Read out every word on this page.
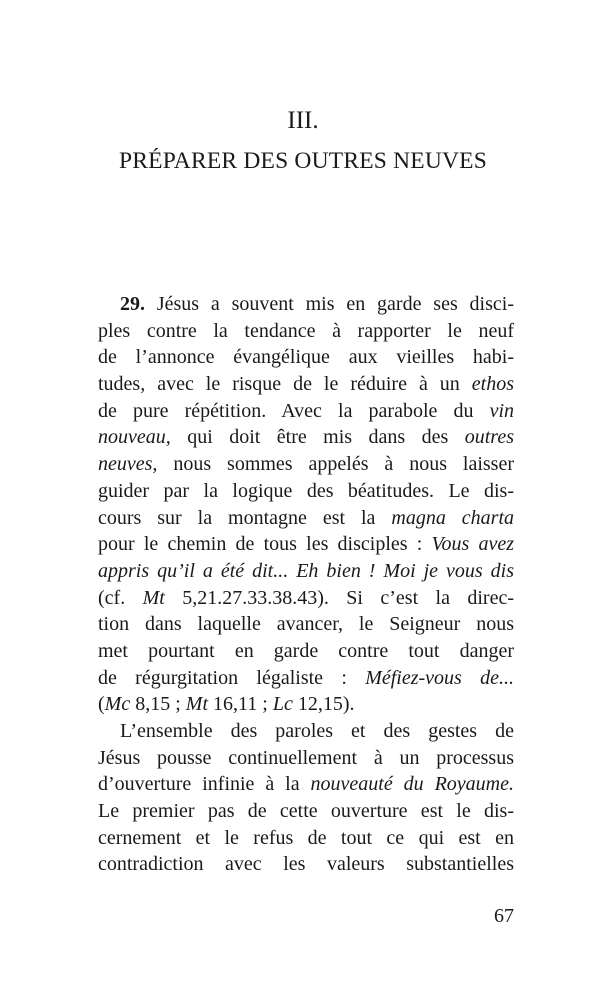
III.
PRÉPARER DES OUTRES NEUVES
29. Jésus a souvent mis en garde ses disci-
ples contre la tendance à rapporter le neuf
de l’annonce évangélique aux vieilles habi-
tudes, avec le risque de le réduire à un ethos
de pure répétition. Avec la parabole du vin
nouveau, qui doit être mis dans des outres
neuves, nous sommes appelés à nous laisser
guider par la logique des béatitudes. Le dis-
cours sur la montagne est la magna charta
pour le chemin de tous les disciples : Vous avez
appris qu’il a été dit... Eh bien ! Moi je vous dis
(cf. Mt 5,21.27.33.38.43). Si c’est la direc-
tion dans laquelle avancer, le Seigneur nous
met pourtant en garde contre tout danger
de régurgitation légaliste : Méfiez-vous de...
(Mc 8,15 ; Mt 16,11 ; Lc 12,15).
L’ensemble des paroles et des gestes de
Jésus pousse continuellement à un processus
d’ouverture infinie à la nouveauté du Royaume.
Le premier pas de cette ouverture est le dis-
cernement et le refus de tout ce qui est en
contradiction avec les valeurs substantielles
67
